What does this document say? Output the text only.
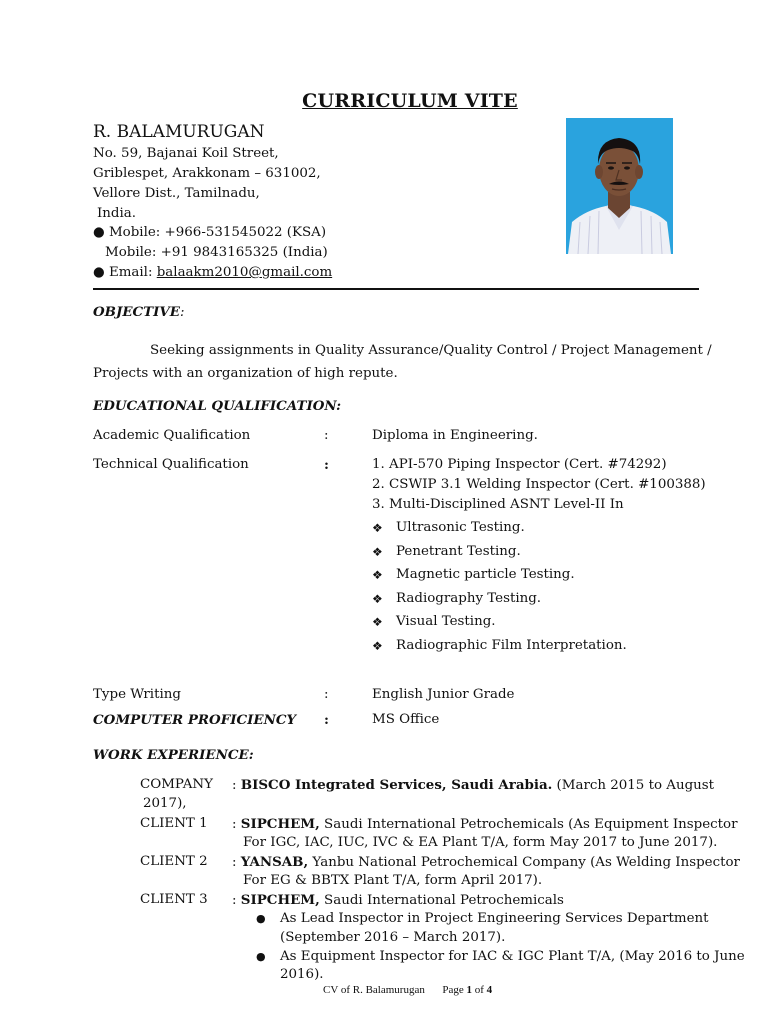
CURRICULUM VITE
R. BALAMURUGAN
No. 59, Bajanai Koil Street,
Griblespet, Arakkonam – 631002,
Vellore Dist., Tamilnadu,
India.
● Mobile: +966-531545022 (KSA)
Mobile: +91 9843165325 (India)
● Email: balaakm2010@gmail.com
OBJECTIVE:
Seeking assignments in Quality Assurance/Quality Control / Project Management /
Projects with an organization of high repute.
EDUCATIONAL QUALIFICATION:
Academic Qualification	:	Diploma in Engineering.
Technical Qualification	:	1. API-570 Piping Inspector (Cert. #74292)
2. CSWIP 3.1 Welding Inspector (Cert. #100388)
3. Multi-Disciplined ASNT Level-II In
❖ Ultrasonic Testing.
❖ Penetrant Testing.
❖ Magnetic particle Testing.
❖ Radiography Testing.
❖ Visual Testing.
❖ Radiographic Film Interpretation.
Type Writing	:	English Junior Grade
COMPUTER PROFICIENCY :	MS Office
WORK EXPERIENCE:
COMPANY : BISCO Integrated Services, Saudi Arabia. (March 2015 to August
2017),
CLIENT 1 : SIPCHEM, Saudi International Petrochemicals (As Equipment Inspector
For IGC, IAC, IUC, IVC & EA Plant T/A, form May 2017 to June 2017).
CLIENT 2 : YANSAB, Yanbu National Petrochemical Company (As Welding Inspector
For EG & BBTX Plant T/A, form April 2017).
CLIENT 3 : SIPCHEM, Saudi International Petrochemicals
● As Lead Inspector in Project Engineering Services Department
(September 2016 – March 2017).
● As Equipment Inspector for IAC & IGC Plant T/A, (May 2016 to June
2016).
CV of R. Balamurugan Page 1 of 4
